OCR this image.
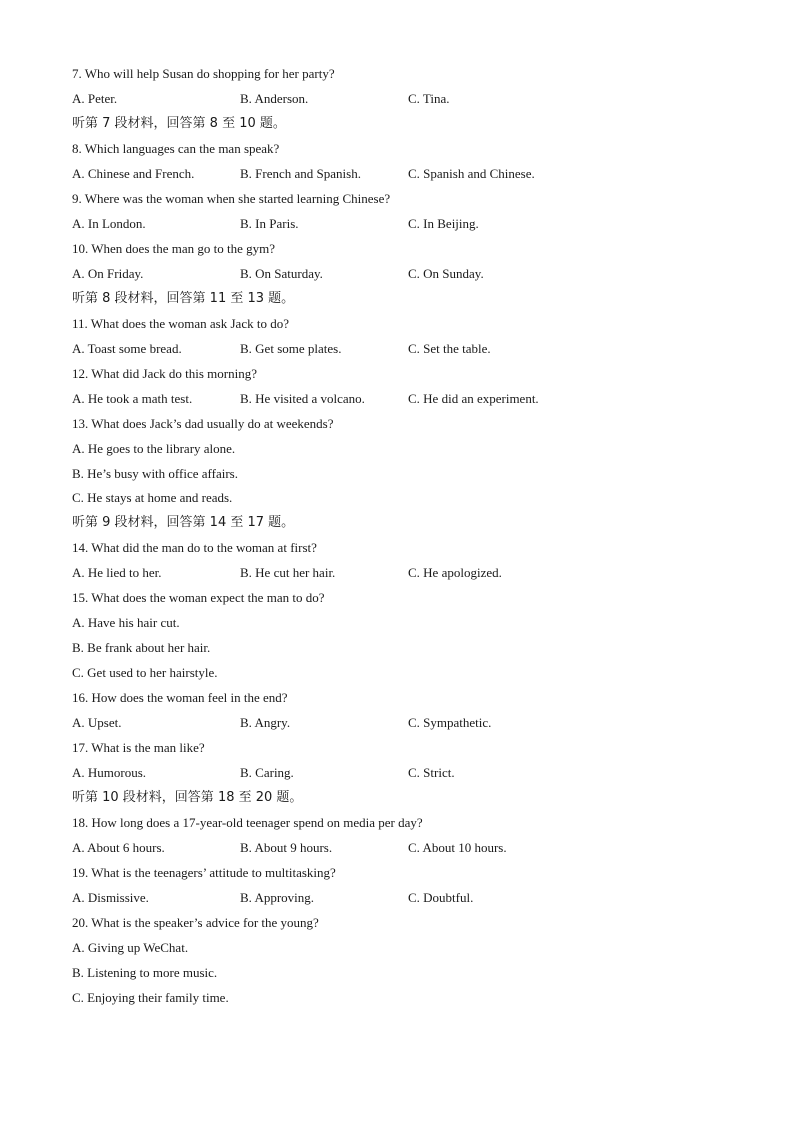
7. Who will help Susan do shopping for her party?
A. Peter.	B. Anderson.	C. Tina.
听第 7 段材料，回答第 8 至 10 题。
8. Which languages can the man speak?
A. Chinese and French.	B. French and Spanish.	C. Spanish and Chinese.
9. Where was the woman when she started learning Chinese?
A. In London.	B. In Paris.	C. In Beijing.
10. When does the man go to the gym?
A. On Friday.	B. On Saturday.	C. On Sunday.
听第 8 段材料，回答第 11 至 13 题。
11. What does the woman ask Jack to do?
A. Toast some bread.	B. Get some plates.	C. Set the table.
12. What did Jack do this morning?
A. He took a math test.	B. He visited a volcano.	C. He did an experiment.
13. What does Jack’s dad usually do at weekends?
A. He goes to the library alone.
B. He’s busy with office affairs.
C. He stays at home and reads.
听第 9 段材料，回答第 14 至 17 题。
14. What did the man do to the woman at first?
A. He lied to her.	B. He cut her hair.	C. He apologized.
15. What does the woman expect the man to do?
A. Have his hair cut.
B. Be frank about her hair.
C. Get used to her hairstyle.
16. How does the woman feel in the end?
A. Upset.	B. Angry.	C. Sympathetic.
17. What is the man like?
A. Humorous.	B. Caring.	C. Strict.
听第 10 段材料，回答第 18 至 20 题。
18. How long does a 17-year-old teenager spend on media per day?
A. About 6 hours.	B. About 9 hours.	C. About 10 hours.
19. What is the teenagers’ attitude to multitasking?
A. Dismissive.	B. Approving.	C. Doubtful.
20. What is the speaker’s advice for the young?
A. Giving up WeChat.
B. Listening to more music.
C. Enjoying their family time.
